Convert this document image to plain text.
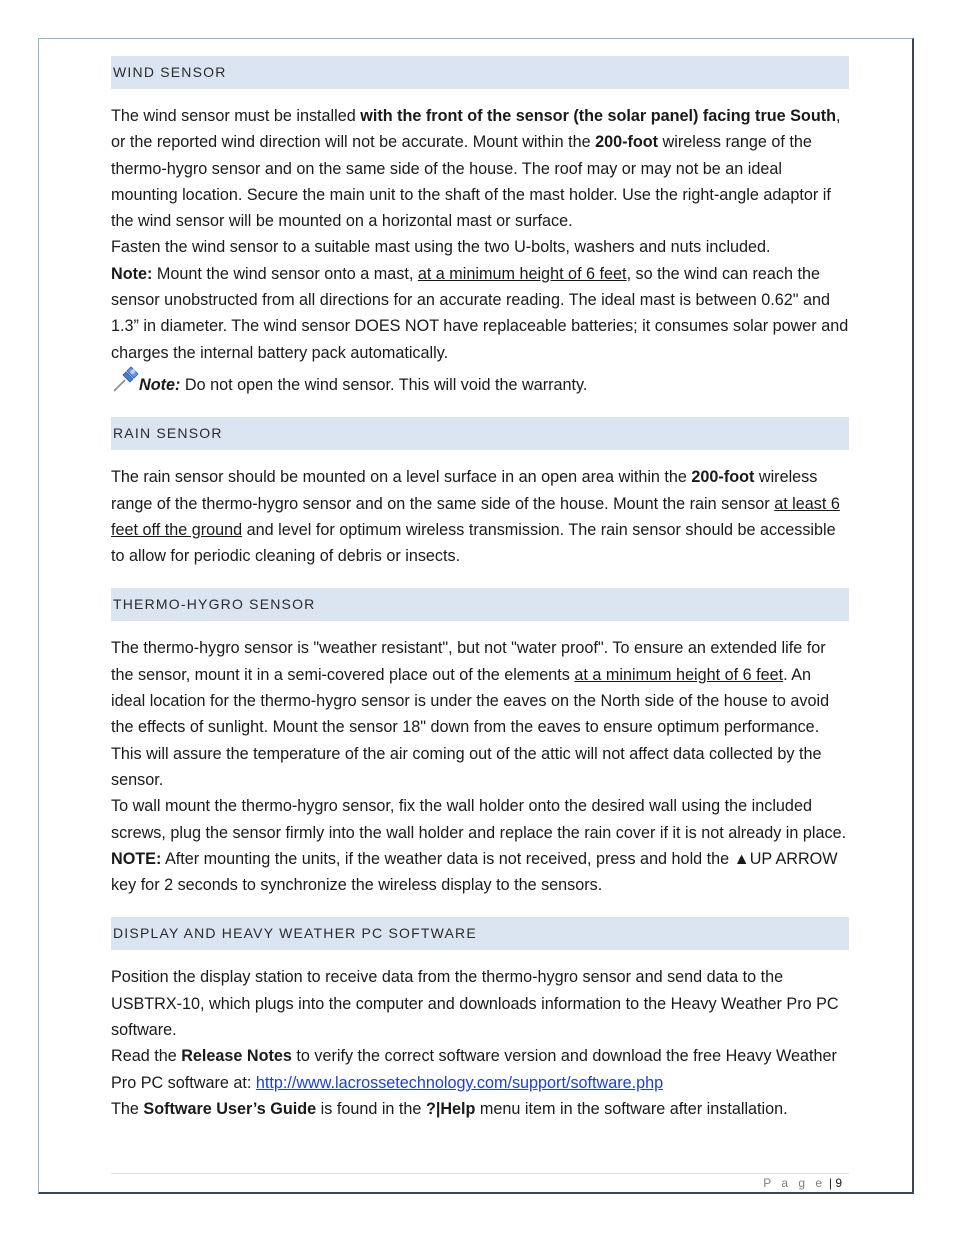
WIND SENSOR

The wind sensor must be installed with the front of the sensor (the solar panel) facing true South, or the reported wind direction will not be accurate. Mount within the 200-foot wireless range of the thermo-hygro sensor and on the same side of the house. The roof may or may not be an ideal mounting location. Secure the main unit to the shaft of the mast holder. Use the right-angle adaptor if the wind sensor will be mounted on a horizontal mast or surface.

Fasten the wind sensor to a suitable mast using the two U-bolts, washers and nuts included.

Note: Mount the wind sensor onto a mast, at a minimum height of 6 feet, so the wind can reach the sensor unobstructed from all directions for an accurate reading. The ideal mast is between 0.62" and 1.3” in diameter. The wind sensor DOES NOT have replaceable batteries; it consumes solar power and charges the internal battery pack automatically.

Note: Do not open the wind sensor. This will void the warranty.

RAIN SENSOR

The rain sensor should be mounted on a level surface in an open area within the 200-foot wireless range of the thermo-hygro sensor and on the same side of the house. Mount the rain sensor at least 6 feet off the ground and level for optimum wireless transmission. The rain sensor should be accessible to allow for periodic cleaning of debris or insects.

THERMO-HYGRO SENSOR

The thermo-hygro sensor is "weather resistant", but not "water proof". To ensure an extended life for the sensor, mount it in a semi-covered place out of the elements at a minimum height of 6 feet. An ideal location for the thermo-hygro sensor is under the eaves on the North side of the house to avoid the effects of sunlight. Mount the sensor 18" down from the eaves to ensure optimum performance. This will assure the temperature of the air coming out of the attic will not affect data collected by the sensor.

To wall mount the thermo-hygro sensor, fix the wall holder onto the desired wall using the included screws, plug the sensor firmly into the wall holder and replace the rain cover if it is not already in place. NOTE: After mounting the units, if the weather data is not received, press and hold the ▲UP ARROW key for 2 seconds to synchronize the wireless display to the sensors.

DISPLAY AND HEAVY WEATHER PC SOFTWARE

Position the display station to receive data from the thermo-hygro sensor and send data to the USBTRX-10, which plugs into the computer and downloads information to the Heavy Weather Pro PC software.

Read the Release Notes to verify the correct software version and download the free Heavy Weather Pro PC software at: http://www.lacrossetechnology.com/support/software.php

The Software User’s Guide is found in the ?|Help menu item in the software after installation.

P a g e | 9
